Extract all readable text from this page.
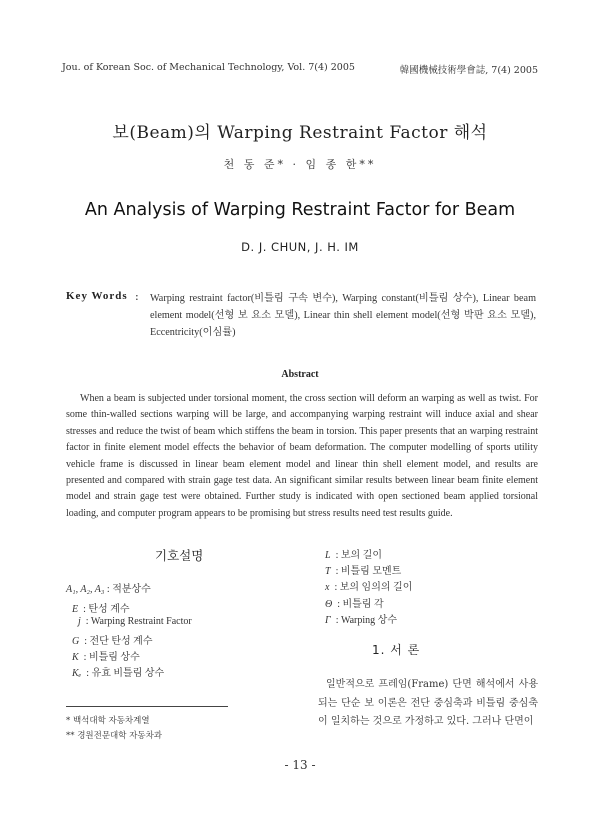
Jou. of Korean Soc. of Mechanical Technology, Vol. 7(4) 2005	韓國機械技術學會誌, 7(4) 2005
보(Beam)의 Warping Restraint Factor 해석
천 동 준* · 임 종 한**
An Analysis of Warping Restraint Factor for Beam
D. J. CHUN, J. H. IM
Key Words : Warping restraint factor(비틀림 구속 변수), Warping constant(비틀림 상수), Linear beam element model(선형 보 요소 모델), Linear thin shell element model(선형 박판 요소 모델), Eccentricity(이심률)
Abstract
When a beam is subjected under torsional moment, the cross section will deform an warping as well as twist. For some thin-walled sections warping will be large, and accompanying warping restraint will induce axial and shear stresses and reduce the twist of beam which stiffens the beam in torsion. This paper presents that an warping restraint factor in finite element model effects the behavior of beam deformation. The computer modelling of sports utility vehicle frame is discussed in linear beam element model and linear thin shell element model, and results are presented and compared with strain gage test data. An significant similar results between linear beam finite element model and strain gage test were obtained. Further study is indicated with open sectioned beam applied torsional loading, and computer program appears to be promising but stress results need test results guide.
기호설명
A₁, A₂, A₃ : 적분상수
E : 탄성 계수
j : Warping Restraint Factor
G : 전단 탄성 계수
K : 비틀림 상수
Kₑ : 유효 비틀림 상수
L : 보의 길이
T : 비틀림 모멘트
x : 보의 임의의 길이
Θ : 비틀림 각
Γ : Warping 상수
* 백석대학 자동차계열
** 경원전문대학 자동차과
1. 서 론
일반적으로 프레임(Frame) 단면 해석에서 사용되는 단순 보 이론은 전단 중심축과 비틀림 중심축이 일치하는 것으로 가정하고 있다. 그러나 단면이
- 13 -
